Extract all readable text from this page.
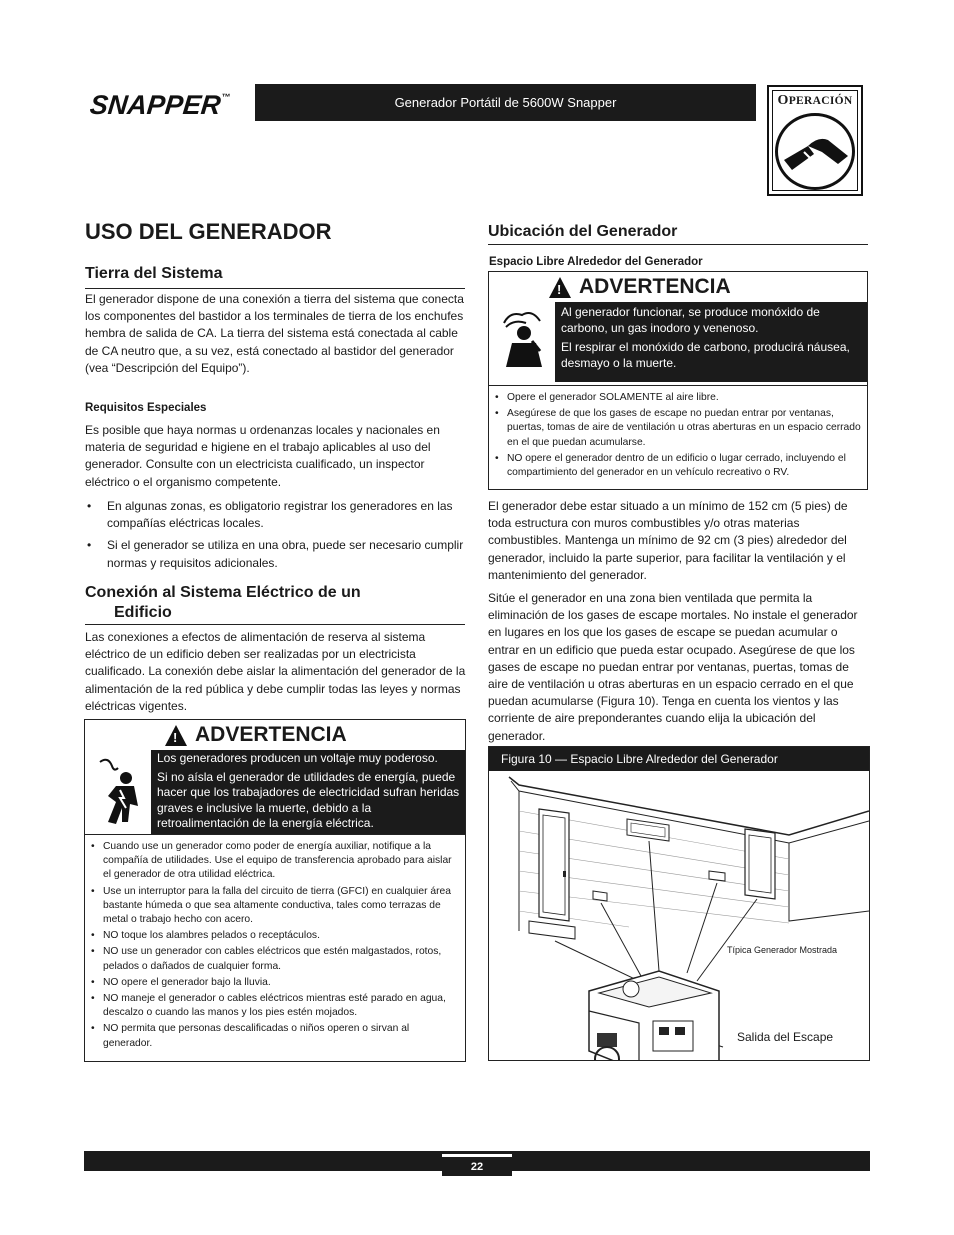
SNAPPER™	Generador Portátil de 5600W Snapper	OPERACIÓN
USO DEL GENERADOR
Tierra del Sistema
El generador dispone de una conexión a tierra del sistema que conecta los componentes del bastidor a los terminales de tierra de los enchufes hembra de salida de CA. La tierra del sistema está conectada al cable de CA neutro que, a su vez, está conectado al bastidor del generador (vea “Descripción del Equipo”).
Requisitos Especiales
Es posible que haya normas u ordenanzas locales y nacionales en materia de seguridad e higiene en el trabajo aplicables al uso del generador. Consulte con un electricista cualificado, un inspector eléctrico o el organismo competente.
• En algunas zonas, es obligatorio registrar los generadores en las compañías eléctricas locales.
• Si el generador se utiliza en una obra, puede ser necesario cumplir normas y requisitos adicionales.
Conexión al Sistema Eléctrico de un
Edificio
Las conexiones a efectos de alimentación de reserva al sistema eléctrico de un edificio deben ser realizadas por un electricista cualificado. La conexión debe aislar la alimentación del generador de la alimentación de la red pública y debe cumplir todas las leyes y normas eléctricas vigentes.
!
ADVERTENCIA

Los generadores producen un voltaje muy poderoso.

Si no aísla el generador de utilidades de energía, puede hacer que los trabajadores de electricidad sufran heridas graves e inclusive la muerte, debido a la retroalimentación de la energía eléctrica.

• Cuando use un generador como poder de energía auxiliar, notifique a la compañía de utilidades. Use el equipo de transferencia aprobado para aislar el generador de otra utilidad eléctrica.
• Use un interruptor para la falla del circuito de tierra (GFCI) en cualquier área bastante húmeda o que sea altamente conductiva, tales como terrazas de metal o trabajo hecho con acero.
• NO toque los alambres pelados o receptáculos.
• NO use un generador con cables eléctricos que estén malgastados, rotos, pelados o dañados de cualquier forma.
• NO opere el generador bajo la lluvia.
• NO maneje el generador o cables eléctricos mientras esté parado en agua, descalzo o cuando las manos y los pies estén mojados.
• NO permita que personas descalificadas o niños operen o sirvan al generador.
Ubicación del Generador
Espacio Libre Alrededor del Generador
!
ADVERTENCIA

Al generador funcionar, se produce monóxido de carbono, un gas inodoro y venenoso.

El respirar el monóxido de carbono, producirá náusea, desmayo o la muerte.

• Opere el generador SOLAMENTE al aire libre.
• Asegúrese de que los gases de escape no puedan entrar por ventanas, puertas, tomas de aire de ventilación u otras aberturas en un espacio cerrado en el que puedan acumularse.
• NO opere el generador dentro de un edificio o lugar cerrado, incluyendo el compartimiento del generador en un vehículo recreativo o RV.
El generador debe estar situado a un mínimo de 152 cm (5 pies) de toda estructura con muros combustibles y/o otras materias combustibles. Mantenga un mínimo de 92 cm (3 pies) alrededor del generador, incluido la parte superior, para facilitar la ventilación y el mantenimiento del generador.
Sitúe el generador en una zona bien ventilada que permita la eliminación de los gases de escape mortales. No instale el generador en lugares en los que los gases de escape se puedan acumular o entrar en un edificio que pueda estar ocupado. Asegúrese de que los gases de escape no puedan entrar por ventanas, puertas, tomas de aire de ventilación u otras aberturas en un espacio cerrado en el que puedan acumularse (Figura 10). Tenga en cuenta los vientos y las corriente de aire preponderantes cuando elija la ubicación del generador.
Figura 10 — Espacio Libre Alrededor del Generador
Típica Generador Mostrada
Salida del Escape
22
